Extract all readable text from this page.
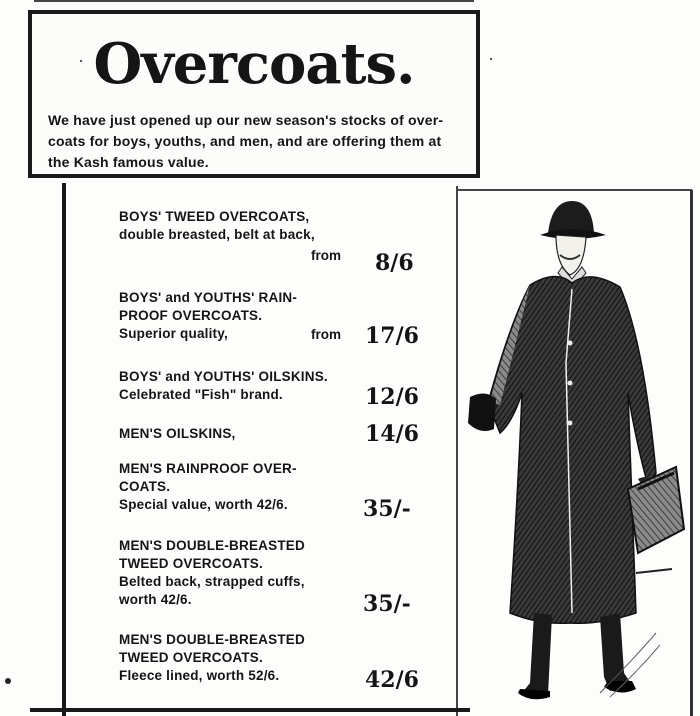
Overcoats.
We have just opened up our new season's stocks of over-
coats for boys, youths, and men, and are offering them at
the Kash famous value.
BOYS' TWEED OVERCOATS,
double breasted, belt at back,
from 8/6
BOYS' and YOUTHS' RAIN-
PROOF OVERCOATS.
Superior quality,	from 17/6
BOYS' and YOUTHS' OILSKINS.
Celebrated "Fish" brand.	12/6
MEN'S OILSKINS,	14/6
MEN'S RAINPROOF OVER-
COATS.
Special value, worth 42/6.	35/-
MEN'S DOUBLE-BREASTED
TWEED OVERCOATS.
Belted back, strapped cuffs,
worth 42/6.	35/-
MEN'S DOUBLE-BREASTED
TWEED OVERCOATS.
Fleece lined, worth 52/6.	42/6
